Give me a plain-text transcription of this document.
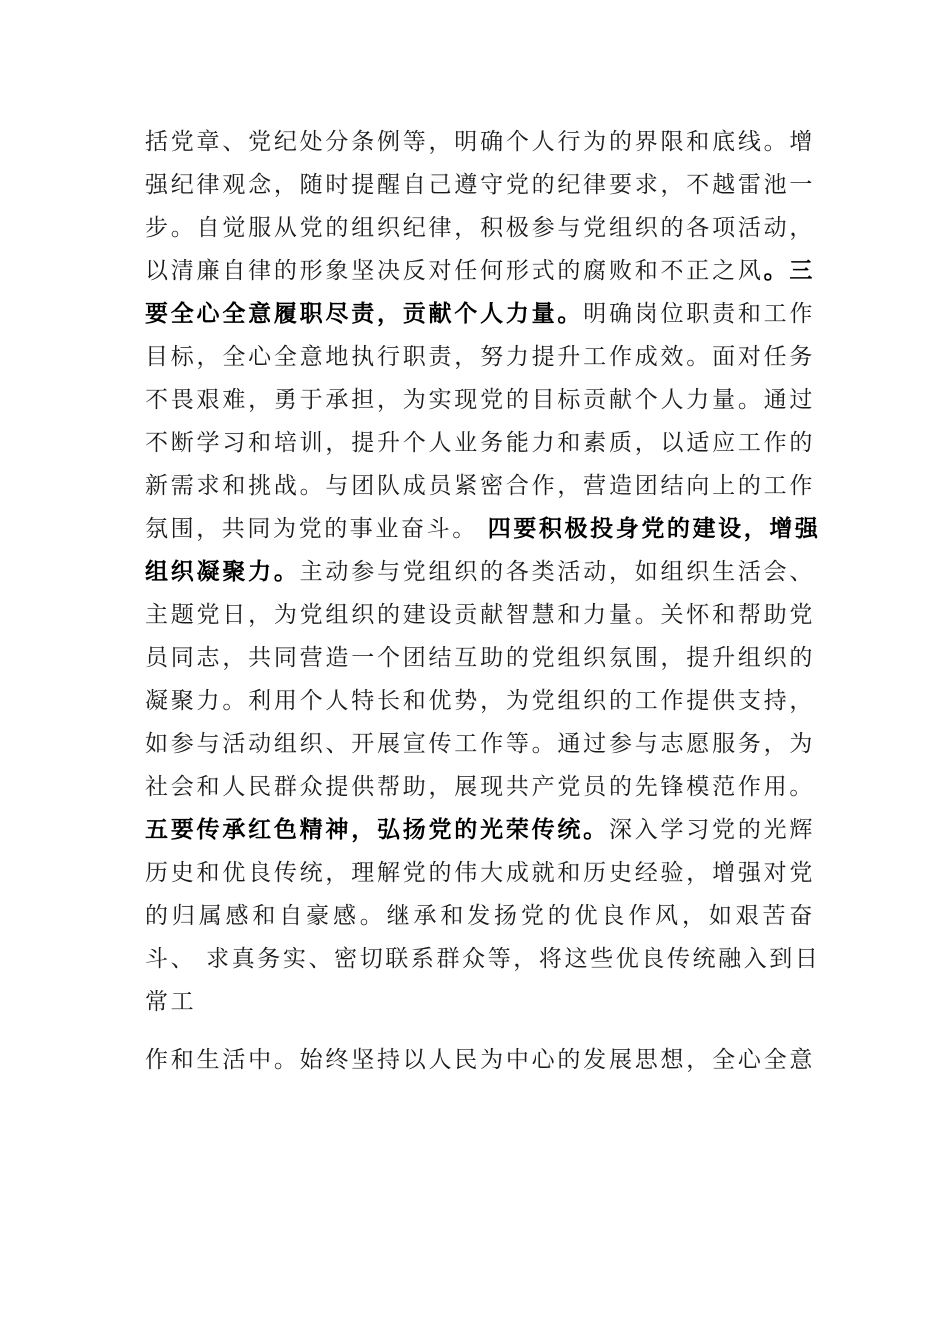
括党章、党纪处分条例等，明确个人行为的界限和底线。增
强纪律观念，随时提醒自己遵守党的纪律要求，不越雷池一
步。自觉服从党的组织纪律，积极参与党组织的各项活动，
以清廉自律的形象坚决反对任何形式的腐败和不正之风。三
要全心全意履职尽责，贡献个人力量。明确岗位职责和工作
目标，全心全意地执行职责，努力提升工作成效。面对任务
不畏艰难，勇于承担，为实现党的目标贡献个人力量。通过
不断学习和培训，提升个人业务能力和素质，以适应工作的
新需求和挑战。与团队成员紧密合作，营造团结向上的工作
氛围，共同为党的事业奋斗。 四要积极投身党的建设，增强
组织凝聚力。主动参与党组织的各类活动，如组织生活会、
主题党日，为党组织的建设贡献智慧和力量。关怀和帮助党
员同志，共同营造一个团结互助的党组织氛围，提升组织的
凝聚力。利用个人特长和优势，为党组织的工作提供支持，
如参与活动组织、开展宣传工作等。通过参与志愿服务，为
社会和人民群众提供帮助，展现共产党员的先锋模范作用。
五要传承红色精神，弘扬党的光荣传统。深入学习党的光辉
历史和优良传统，理解党的伟大成就和历史经验，增强对党
的归属感和自豪感。继承和发扬党的优良作风，如艰苦奋
斗、 求真务实、密切联系群众等，将这些优良传统融入到日
常工
作和生活中。始终坚持以人民为中心的发展思想，全心全意
